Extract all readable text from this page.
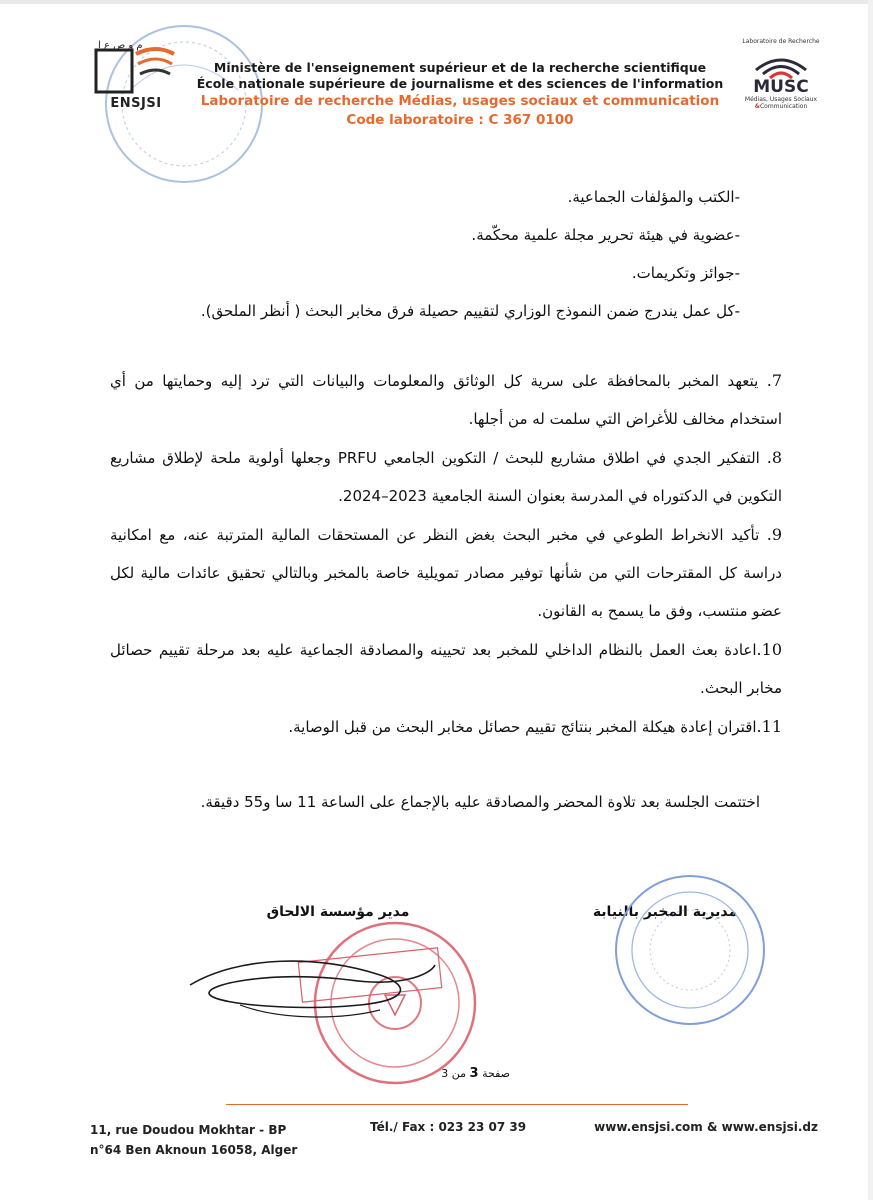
م و ص ع إ
ENSJSI
Ministère de l'enseignement supérieur et de la recherche scientifique
École nationale supérieure de journalisme et des sciences de l'information
Laboratoire de recherche Médias, usages sociaux et communication
Code laboratoire : C 367 0100
Laboratoire de Recherche
MUSC
Médias, Usages Sociaux
&Communication
-الكتب والمؤلفات الجماعية.
-عضوية في هيئة تحرير مجلة علمية محكّمة.
-جوائز وتكريمات.
-كل عمل يندرج ضمن النموذج الوزاري لتقييم حصيلة فرق مخابر البحث ( أنظر الملحق).
7. يتعهد المخبر بالمحافظة على سرية كل الوثائق والمعلومات والبيانات التي ترد إليه وحمايتها من أي استخدام مخالف للأغراض التي سلمت له من أجلها.
8. التفكير الجدي في اطلاق مشاريع للبحث / التكوين الجامعي PRFU وجعلها أولوية ملحة لإطلاق مشاريع التكوين في الدكتوراه في المدرسة بعنوان السنة الجامعية 2023–2024.
9. تأكيد الانخراط الطوعي في مخبر البحث بغض النظر عن المستحقات المالية المترتبة عنه، مع امكانية دراسة كل المقترحات التي من شأنها توفير مصادر تمويلية خاصة بالمخبر وبالتالي تحقيق عائدات مالية لكل عضو منتسب، وفق ما يسمح به القانون.
10.اعادة بعث العمل بالنظام الداخلي للمخبر بعد تحيينه والمصادقة الجماعية عليه بعد مرحلة تقييم حصائل مخابر البحث.
11.اقتران إعادة هيكلة المخبر بنتائج تقييم حصائل مخابر البحث من قبل الوصاية.
اختتمت الجلسة بعد تلاوة المحضر والمصادقة عليه بالإجماع على الساعة 11 سا و55 دقيقة.
مدير مؤسسة الالحاق	مديرية المخبر بالنيابة
صفحة 3 من 3
11, rue Doudou Mokhtar - BP
n°64 Ben Aknoun 16058, Alger
Tél./ Fax : 023 23 07 39	www.ensjsi.com & www.ensjsi.dz
